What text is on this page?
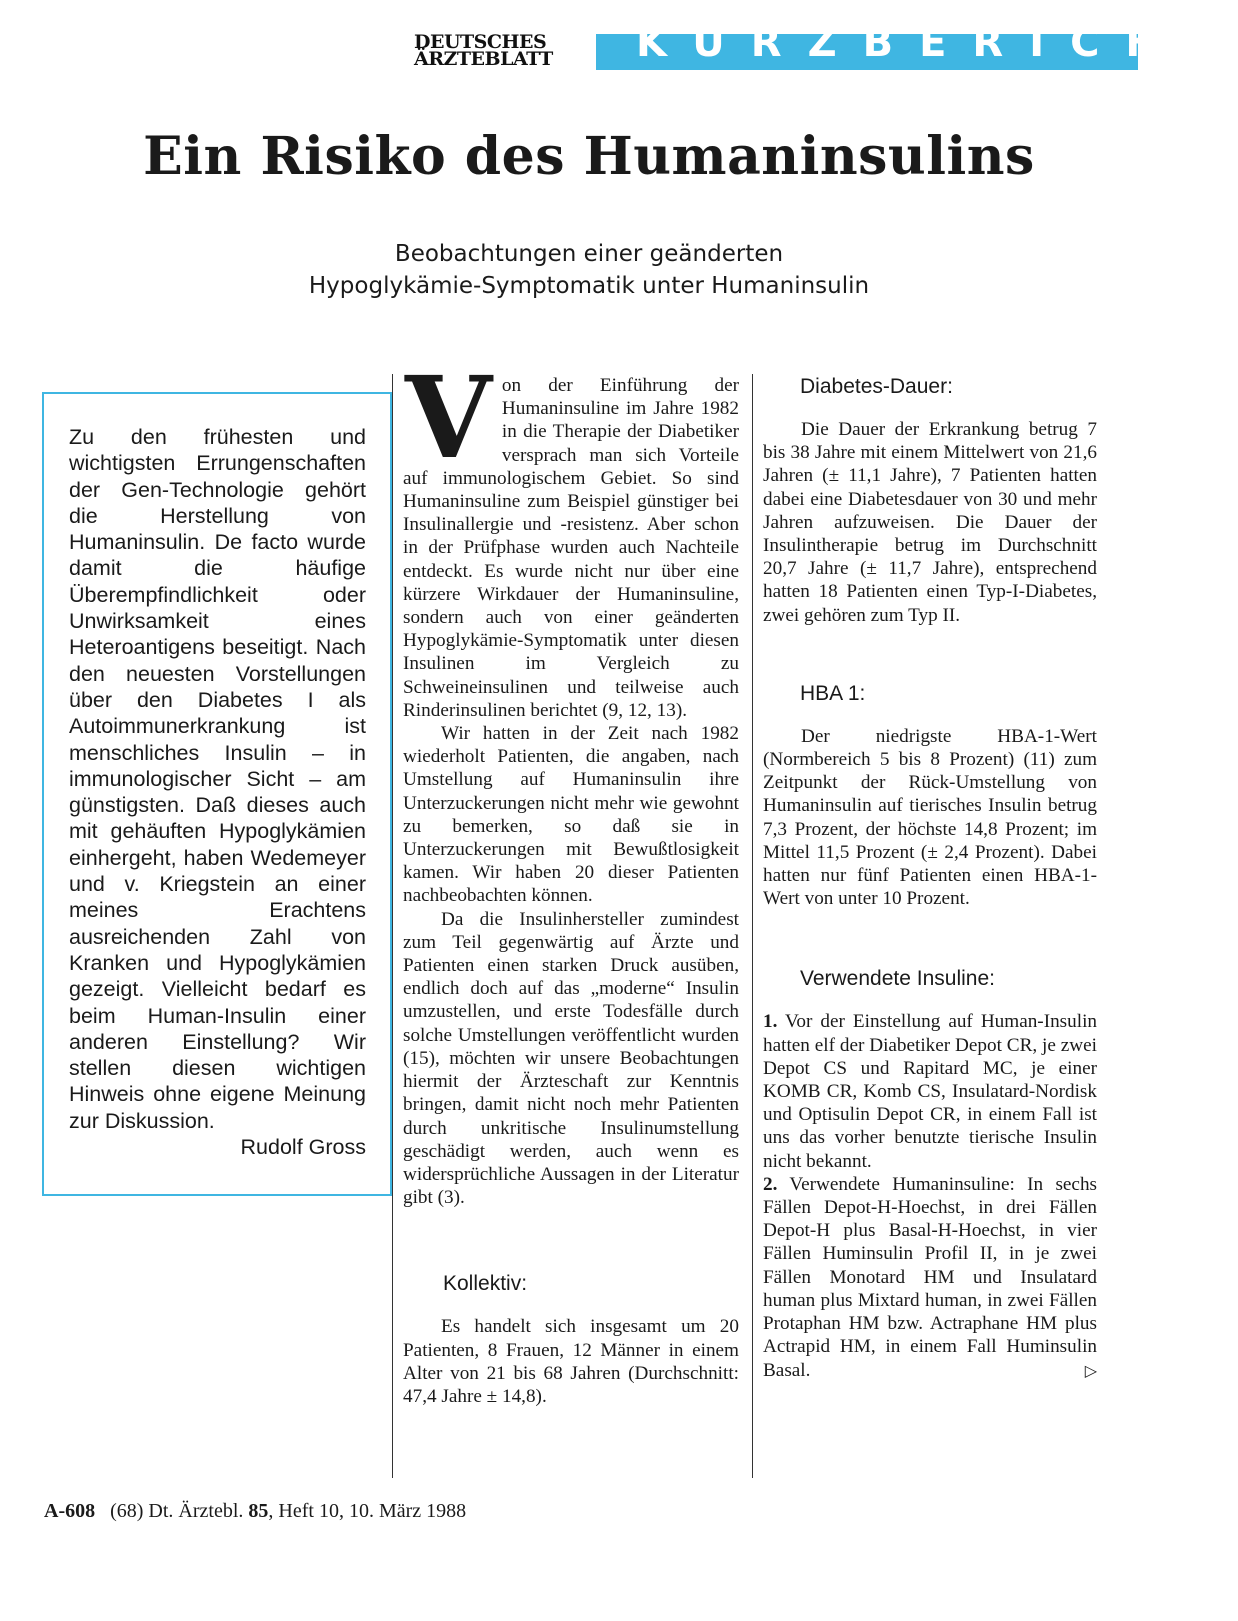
DEUTSCHES
ÄRZTEBLATT	KURZBERICHT
Ein Risiko des Humaninsulins
Beobachtungen einer geänderten
Hypoglykämie-Symptomatik unter Humaninsulin

Zu den frühesten und wichtigsten Errungenschaften der Gen-Technologie gehört die Herstellung von Humaninsulin. De facto wurde damit die häufige Überempfindlichkeit oder Unwirksamkeit eines Heteroantigens beseitigt. Nach den neuesten Vorstellungen über den Diabetes I als Autoimmunerkrankung ist menschliches Insulin – in immunologischer Sicht – am günstigsten. Daß dieses auch mit gehäuften Hypoglykämien einhergeht, haben Wedemeyer und v. Kriegstein an einer meines Erachtens ausreichenden Zahl von Kranken und Hypoglykämien gezeigt. Vielleicht bedarf es beim Human-Insulin einer anderen Einstellung? Wir stellen diesen wichtigen Hinweis ohne eigene Meinung zur Diskussion.

Rudolf Gross

Von der Einführung der Humaninsuline im Jahre 1982 in die Therapie der Diabetiker versprach man sich Vorteile auf immunologischem Gebiet. So sind Humaninsuline zum Beispiel günstiger bei Insulinallergie und -resistenz. Aber schon in der Prüfphase wurden auch Nachteile entdeckt. Es wurde nicht nur über eine kürzere Wirkdauer der Humaninsuline, sondern auch von einer geänderten Hypoglykämie-Symptomatik unter diesen Insulinen im Vergleich zu Schweineinsulinen und teilweise auch Rinderinsulinen berichtet (9, 12, 13).

Wir hatten in der Zeit nach 1982 wiederholt Patienten, die angaben, nach Umstellung auf Humaninsulin ihre Unterzuckerungen nicht mehr wie gewohnt zu bemerken, so daß sie in Unterzuckerungen mit Bewußtlosigkeit kamen. Wir haben 20 dieser Patienten nachbeobachten können.

Da die Insulinhersteller zumindest zum Teil gegenwärtig auf Ärzte und Patienten einen starken Druck ausüben, endlich doch auf das „moderne“ Insulin umzustellen, und erste Todesfälle durch solche Umstellungen veröffentlicht wurden (15), möchten wir unsere Beobachtungen hiermit der Ärzteschaft zur Kenntnis bringen, damit nicht noch mehr Patienten durch unkritische Insulinumstellung geschädigt werden, auch wenn es widersprüchliche Aussagen in der Literatur gibt (3).

Kollektiv:

Es handelt sich insgesamt um 20 Patienten, 8 Frauen, 12 Männer in einem Alter von 21 bis 68 Jahren (Durchschnitt: 47,4 Jahre ± 14,8).

Diabetes-Dauer:

Die Dauer der Erkrankung betrug 7 bis 38 Jahre mit einem Mittelwert von 21,6 Jahren (± 11,1 Jahre), 7 Patienten hatten dabei eine Diabetesdauer von 30 und mehr Jahren aufzuweisen. Die Dauer der Insulintherapie betrug im Durchschnitt 20,7 Jahre (± 11,7 Jahre), entsprechend hatten 18 Patienten einen Typ-I-Diabetes, zwei gehören zum Typ II.

HBA 1:

Der niedrigste HBA-1-Wert (Normbereich 5 bis 8 Prozent) (11) zum Zeitpunkt der Rück-Umstellung von Humaninsulin auf tierisches Insulin betrug 7,3 Prozent, der höchste 14,8 Prozent; im Mittel 11,5 Prozent (± 2,4 Prozent). Dabei hatten nur fünf Patienten einen HBA-1-Wert von unter 10 Prozent.

Verwendete Insuline:

1. Vor der Einstellung auf Human-Insulin hatten elf der Diabetiker Depot CR, je zwei Depot CS und Rapitard MC, je einer KOMB CR, Komb CS, Insulatard-Nordisk und Optisulin Depot CR, in einem Fall ist uns das vorher benutzte tierische Insulin nicht bekannt.

2. Verwendete Humaninsuline: In sechs Fällen Depot-H-Hoechst, in drei Fällen Depot-H plus Basal-H-Hoechst, in vier Fällen Huminsulin Profil II, in je zwei Fällen Monotard HM und Insulatard human plus Mixtard human, in zwei Fällen Protaphan HM bzw. Actraphane HM plus Actrapid HM, in einem Fall Huminsulin Basal.	▷

A-608 (68) Dt. Ärztebl. 85, Heft 10, 10. März 1988
